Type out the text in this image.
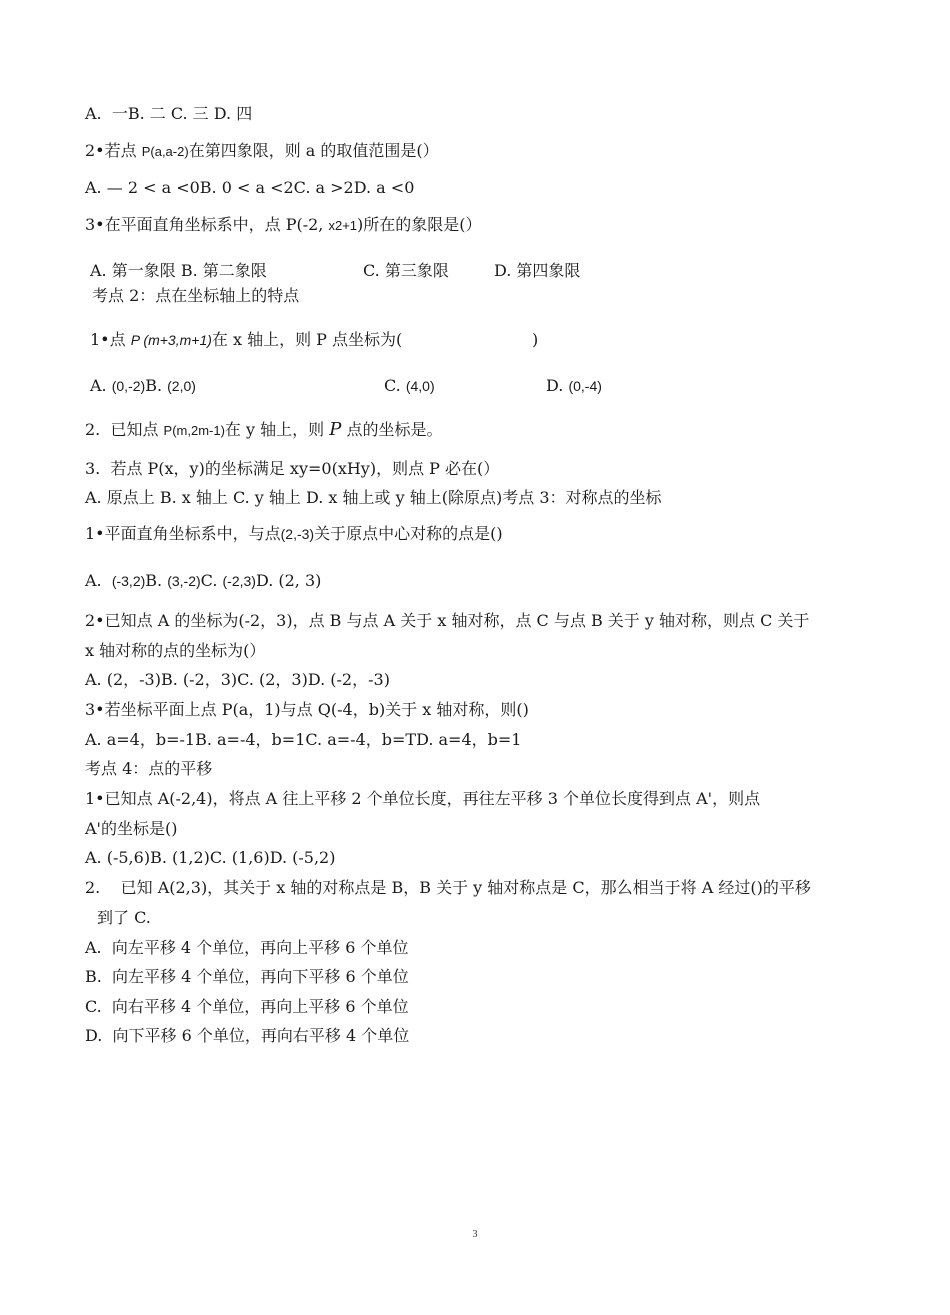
A.  一B. 二 C. 三 D. 四
2•若点 P(a,a-2)在第四象限，则 a 的取值范围是(）
A. — 2 < a <0B. 0 < a <2C. a >2D. a <0
3•在平面直角坐标系中，点 P(-2, x2+1)所在的象限是(）
A. 第一象限 B. 第二象限	C. 第三象限	D. 第四象限
考点 2：点在坐标轴上的特点
1•点 P (m+3,m+1)在 x 轴上，则 P 点坐标为(	)
A. (0,-2)B. (2,0)	C. (4,0)	D. (0,-4)
2.  已知点 P(m,2m-1)在 y 轴上，则 P 点的坐标是。
3.  若点 P(x，y)的坐标满足 xy=0(xHy)，则点 P 必在(）
A. 原点上 B. x 轴上 C. y 轴上 D. x 轴上或 y 轴上(除原点)考点 3：对称点的坐标
1•平面直角坐标系中，与点(2,-3)关于原点中心对称的点是()
A.  (-3,2)B. (3,-2)C. (-2,3)D. (2, 3)
2•已知点 A 的坐标为(-2，3)，点 B 与点 A 关于 x 轴对称，点 C 与点 B 关于 y 轴对称，则点 C 关于
x 轴对称的点的坐标为(）
A. (2，-3)B. (-2，3)C. (2，3)D. (-2，-3)
3•若坐标平面上点 P(a，1)与点 Q(-4，b)关于 x 轴对称，则()
A. a=4，b=-1B. a=-4，b=1C. a=-4，b=TD. a=4，b=1
考点 4：点的平移
1•已知点 A(-2,4)，将点 A 往上平移 2 个单位长度，再往左平移 3 个单位长度得到点 A'，则点
A'的坐标是()
A. (-5,6)B. (1,2)C. (1,6)D. (-5,2)
2.    已知 A(2,3)，其关于 x 轴的对称点是 B，B 关于 y 轴对称点是 C，那么相当于将 A 经过()的平移
到了 C.
A.  向左平移 4 个单位，再向上平移 6 个单位
B.  向左平移 4 个单位，再向下平移 6 个单位
C.  向右平移 4 个单位，再向上平移 6 个单位
D.  向下平移 6 个单位，再向右平移 4 个单位
3
